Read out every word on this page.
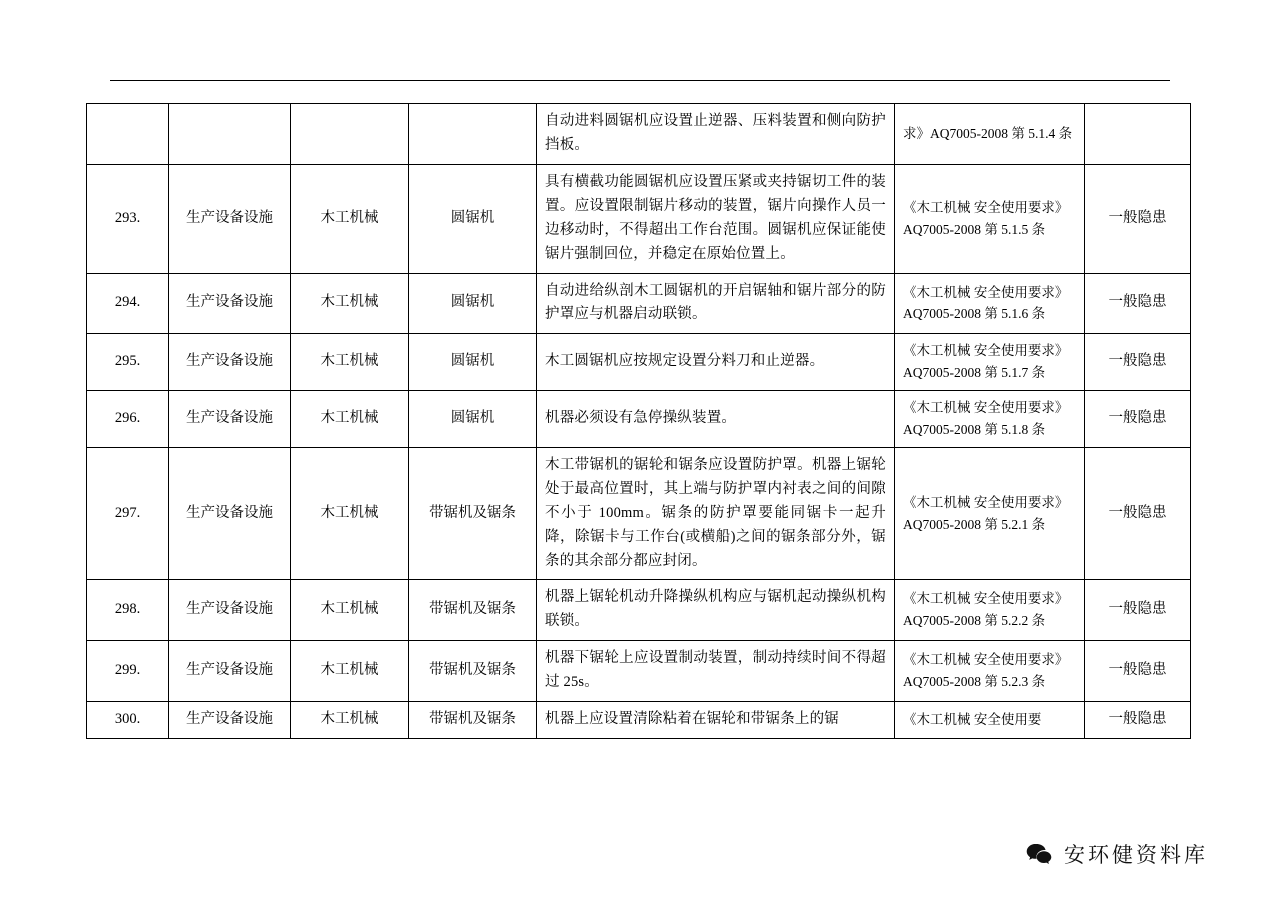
				自动进料圆锯机应设置止逆器、压料装置和侧向防护挡板。	求》AQ7005-2008 第 5.1.4 条	
293.	生产设备设施	木工机械	圆锯机	具有横截功能圆锯机应设置压紧或夹持锯切工件的装置。应设置限制锯片移动的装置，锯片向操作人员一边移动时，不得超出工作台范围。圆锯机应保证能使锯片强制回位，并稳定在原始位置上。	《木工机械 安全使用要求》AQ7005-2008 第 5.1.5 条	一般隐患
294.	生产设备设施	木工机械	圆锯机	自动进给纵剖木工圆锯机的开启锯轴和锯片部分的防护罩应与机器启动联锁。	《木工机械 安全使用要求》AQ7005-2008 第 5.1.6 条	一般隐患
295.	生产设备设施	木工机械	圆锯机	木工圆锯机应按规定设置分料刀和止逆器。	《木工机械 安全使用要求》AQ7005-2008 第 5.1.7 条	一般隐患
296.	生产设备设施	木工机械	圆锯机	机器必须设有急停操纵装置。	《木工机械 安全使用要求》AQ7005-2008 第 5.1.8 条	一般隐患
297.	生产设备设施	木工机械	带锯机及锯条	木工带锯机的锯轮和锯条应设置防护罩。机器上锯轮处于最高位置时，其上端与防护罩内衬表之间的间隙不小于 100mm。锯条的防护罩要能同锯卡一起升降，除锯卡与工作台(或横船)之间的锯条部分外，锯条的其余部分都应封闭。	《木工机械 安全使用要求》AQ7005-2008 第 5.2.1 条	一般隐患
298.	生产设备设施	木工机械	带锯机及锯条	机器上锯轮机动升降操纵机构应与锯机起动操纵机构联锁。	《木工机械 安全使用要求》AQ7005-2008 第 5.2.2 条	一般隐患
299.	生产设备设施	木工机械	带锯机及锯条	机器下锯轮上应设置制动装置，制动持续时间不得超过 25s。	《木工机械 安全使用要求》AQ7005-2008 第 5.2.3 条	一般隐患
300.	生产设备设施	木工机械	带锯机及锯条	机器上应设置清除粘着在锯轮和带锯条上的锯	《木工机械 安全使用要	一般隐患
安环健资料库
